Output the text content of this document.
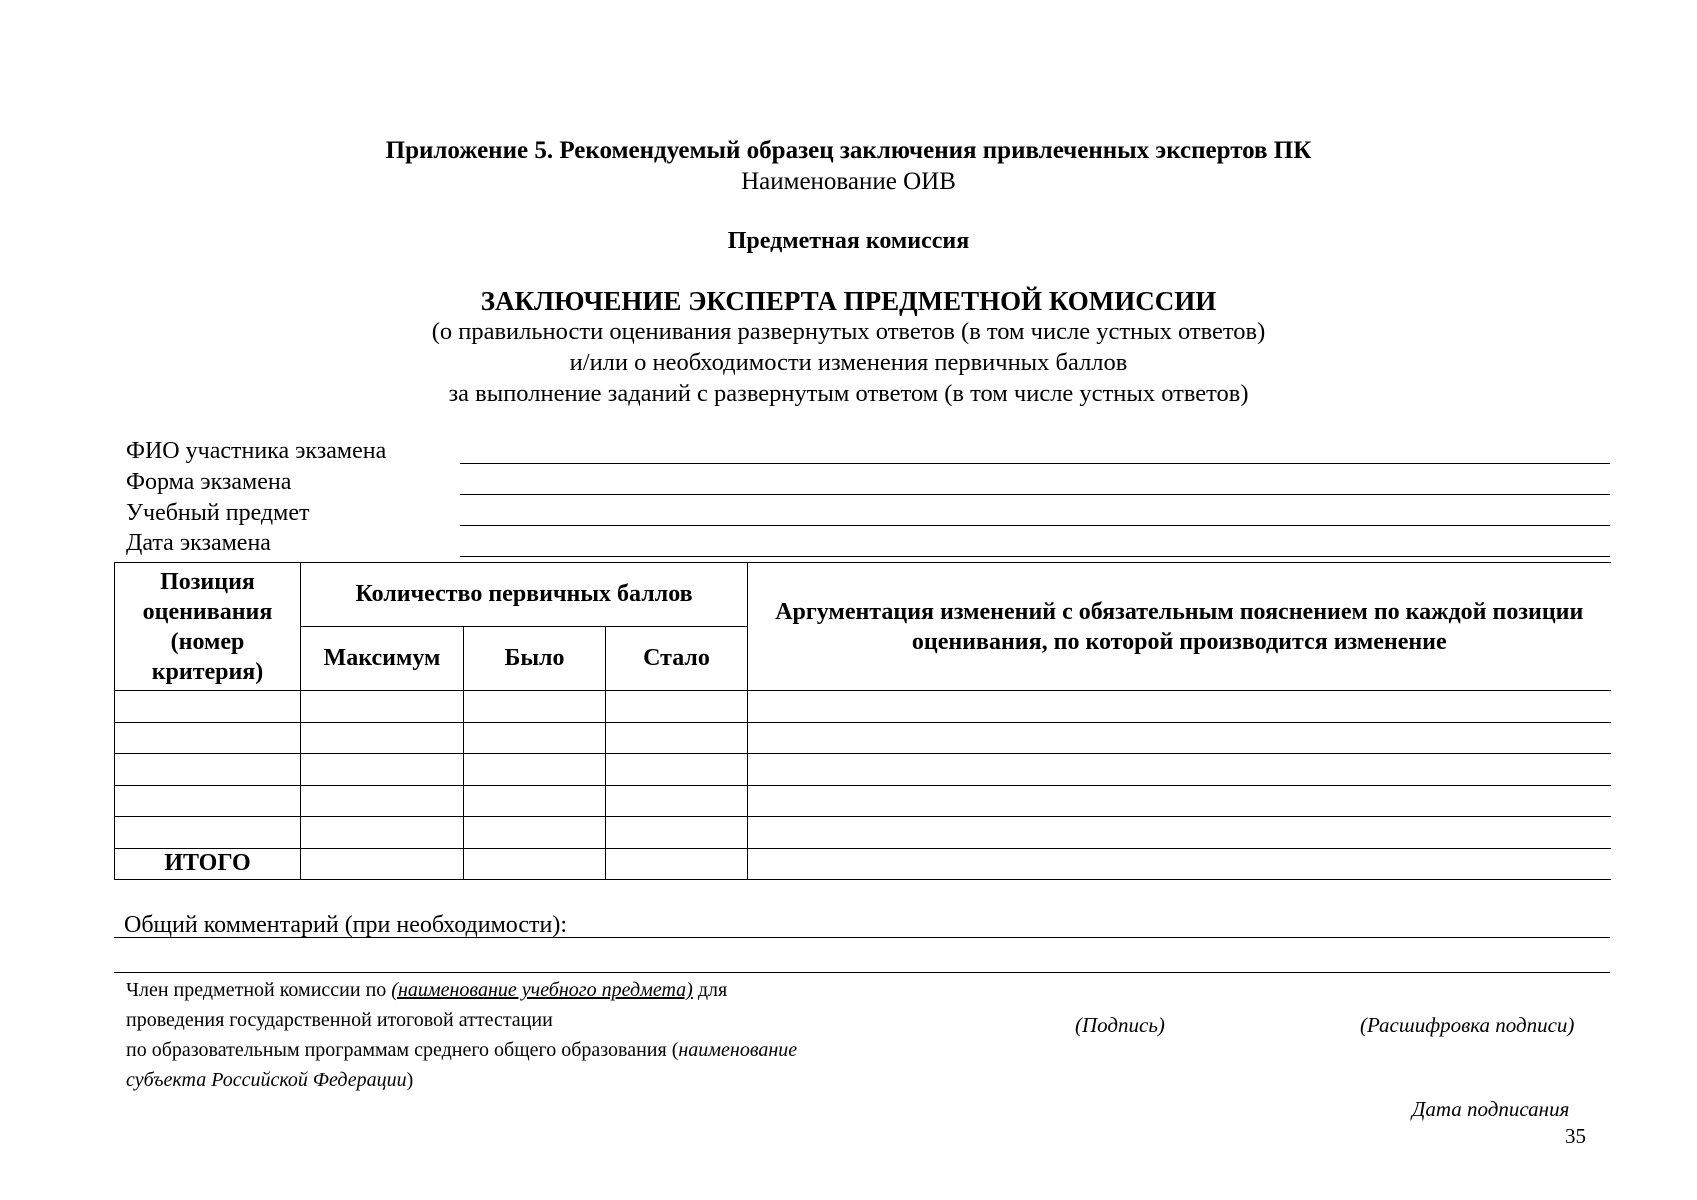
Приложение 5. Рекомендуемый образец заключения привлеченных экспертов ПК
Наименование ОИВ
Предметная комиссия
ЗАКЛЮЧЕНИЕ ЭКСПЕРТА ПРЕДМЕТНОЙ КОМИССИИ
(о правильности оценивания развернутых ответов (в том числе устных ответов)
и/или о необходимости изменения первичных баллов
за выполнение заданий с развернутым ответом (в том числе устных ответов)
ФИО участника экзамена
Форма экзамена
Учебный предмет
Дата экзамена
Позиция оценивания (номер критерия)	Количество первичных баллов			Аргументация изменений с обязательным пояснением по каждой позиции оценивания, по которой производится изменение
	Максимум	Было	Стало	

ИТОГО				
Общий комментарий (при необходимости):
Член предметной комиссии по (наименование учебного предмета) для
проведения государственной итоговой аттестации
по образовательным программам среднего общего образования (наименование
субъекта Российской Федерации)
(Подпись)	(Расшифровка подписи)
Дата подписания
35
